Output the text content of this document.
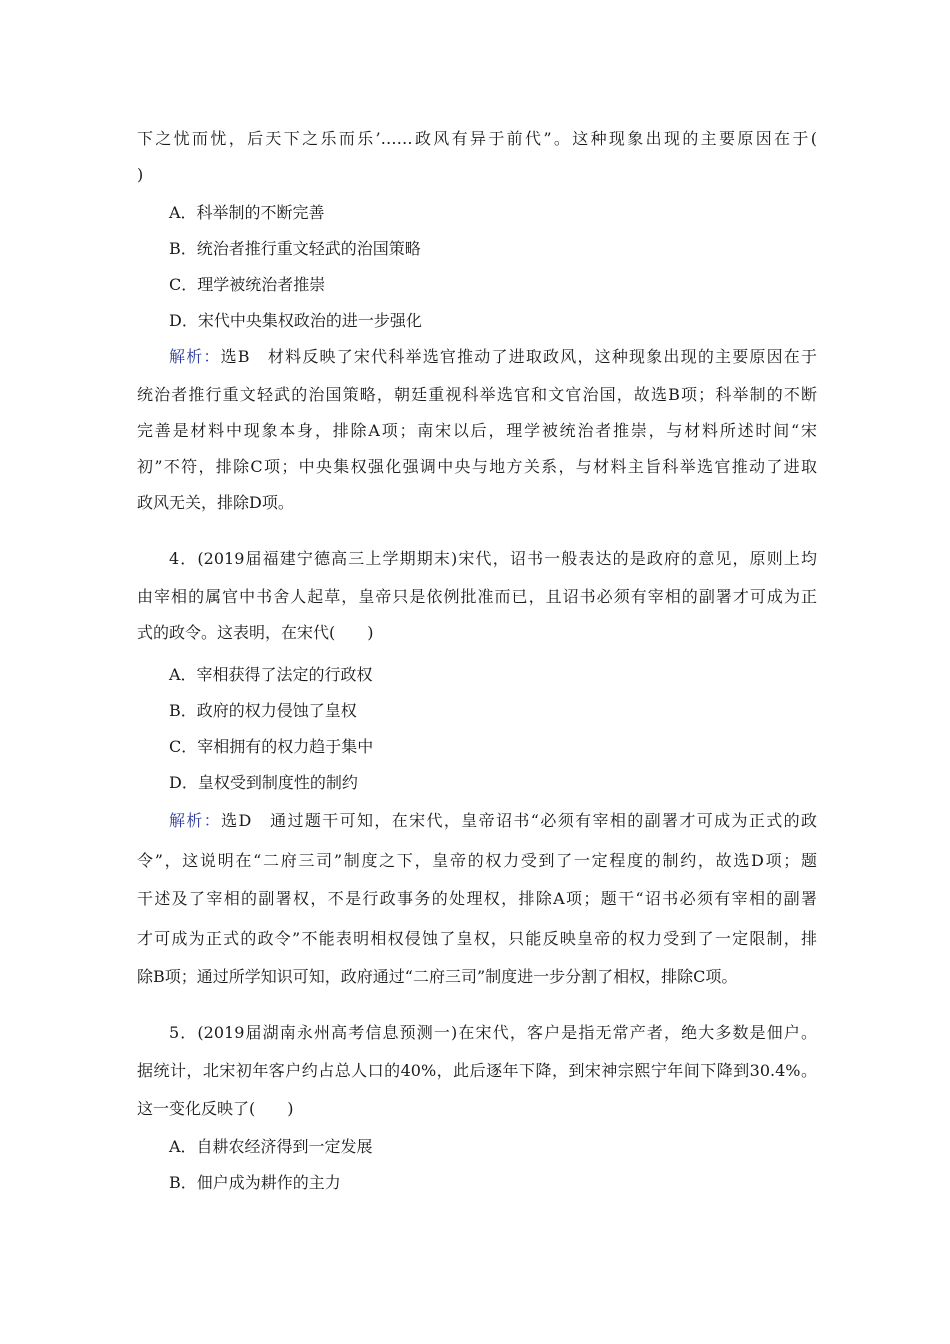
下之忧而忧，后天下之乐而乐’……政风有异于前代”。这种现象出现的主要原因在于(
)
A．科举制的不断完善
B．统治者推行重文轻武的治国策略
C．理学被统治者推崇
D．宋代中央集权政治的进一步强化
解析：选B　材料反映了宋代科举选官推动了进取政风，这种现象出现的主要原因在于
统治者推行重文轻武的治国策略，朝廷重视科举选官和文官治国，故选B项；科举制的不断
完善是材料中现象本身，排除A项；南宋以后，理学被统治者推崇，与材料所述时间“宋
初”不符，排除C项；中央集权强化强调中央与地方关系，与材料主旨科举选官推动了进取
政风无关，排除D项。
4．(2019届福建宁德高三上学期期末)宋代，诏书一般表达的是政府的意见，原则上均
由宰相的属官中书舍人起草，皇帝只是依例批准而已，且诏书必须有宰相的副署才可成为正
式的政令。这表明，在宋代(　　)
A．宰相获得了法定的行政权
B．政府的权力侵蚀了皇权
C．宰相拥有的权力趋于集中
D．皇权受到制度性的制约
解析：选D　通过题干可知，在宋代，皇帝诏书“必须有宰相的副署才可成为正式的政
令”，这说明在“二府三司”制度之下，皇帝的权力受到了一定程度的制约，故选D项；题
干述及了宰相的副署权，不是行政事务的处理权，排除A项；题干“诏书必须有宰相的副署
才可成为正式的政令”不能表明相权侵蚀了皇权，只能反映皇帝的权力受到了一定限制，排
除B项；通过所学知识可知，政府通过“二府三司”制度进一步分割了相权，排除C项。
5．(2019届湖南永州高考信息预测一)在宋代，客户是指无常产者，绝大多数是佃户。
据统计，北宋初年客户约占总人口的40%，此后逐年下降，到宋神宗熙宁年间下降到30.4%。
这一变化反映了(　　)
A．自耕农经济得到一定发展
B．佃户成为耕作的主力
